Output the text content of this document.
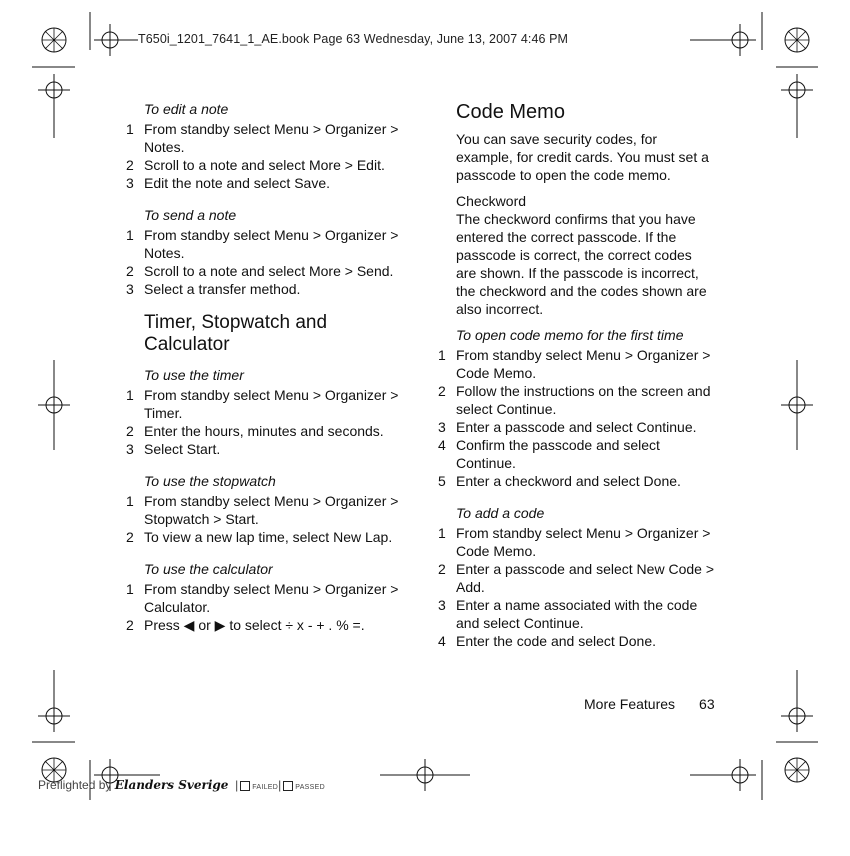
T650i_1201_7641_1_AE.book Page 63 Wednesday, June 13, 2007 4:46 PM
To edit a note
1 From standby select Menu > Organizer > Notes.
2 Scroll to a note and select More > Edit.
3 Edit the note and select Save.
To send a note
1 From standby select Menu > Organizer > Notes.
2 Scroll to a note and select More > Send.
3 Select a transfer method.
Timer, Stopwatch and Calculator
To use the timer
1 From standby select Menu > Organizer > Timer.
2 Enter the hours, minutes and seconds.
3 Select Start.
To use the stopwatch
1 From standby select Menu > Organizer > Stopwatch > Start.
2 To view a new lap time, select New Lap.
To use the calculator
1 From standby select Menu > Organizer > Calculator.
2 Press ◀ or ▶ to select ÷ x - + . % =.
Code Memo
You can save security codes, for example, for credit cards. You must set a passcode to open the code memo.
Checkword
The checkword confirms that you have entered the correct passcode. If the passcode is correct, the correct codes are shown. If the passcode is incorrect, the checkword and the codes shown are also incorrect.
To open code memo for the first time
1 From standby select Menu > Organizer > Code Memo.
2 Follow the instructions on the screen and select Continue.
3 Enter a passcode and select Continue.
4 Confirm the passcode and select Continue.
5 Enter a checkword and select Done.
To add a code
1 From standby select Menu > Organizer > Code Memo.
2 Enter a passcode and select New Code > Add.
3 Enter a name associated with the code and select Continue.
4 Enter the code and select Done.
More Features 63
Preflighted by Elanders Sverige  | FAILED| PASSED
